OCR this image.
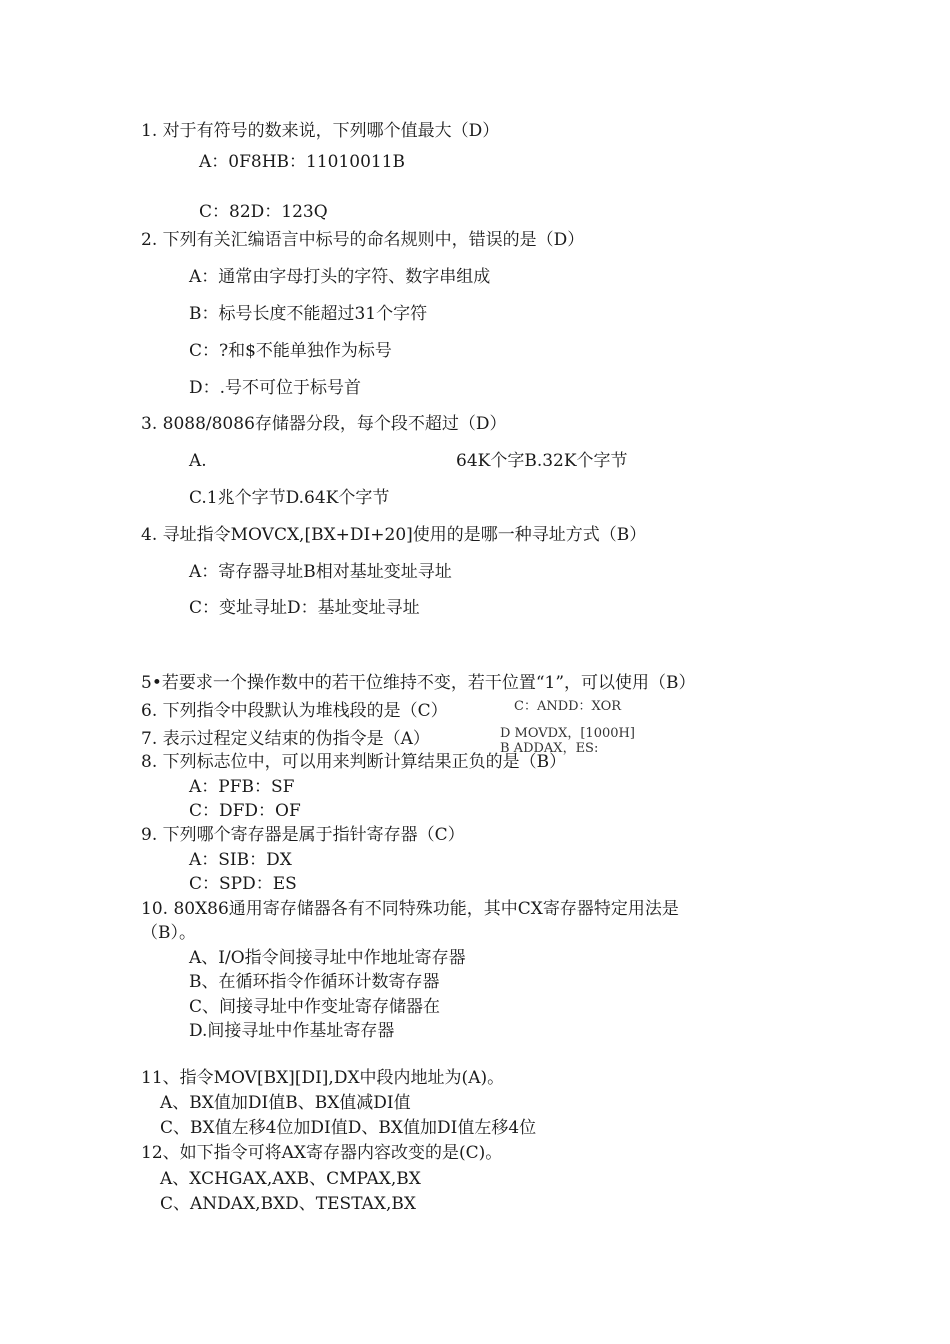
1. 对于有符号的数来说，下列哪个值最大（D）
A：0F8HB：11010011B
C：82D：123Q
2. 下列有关汇编语言中标号的命名规则中，错误的是（D）
A：通常由字母打头的字符、数字串组成
B：标号长度不能超过31个字符
C：?和$不能单独作为标号
D：.号不可位于标号首
3. 8088/8086存储器分段，每个段不超过（D）
A.	64K个字B.32K个字节
C.1兆个字节D.64K个字节
4. 寻址指令MOVCX,[BX+DI+20]使用的是哪一种寻址方式（B）
A：寄存器寻址B相对基址变址寻址
C：变址寻址D：基址变址寻址
5•若要求一个操作数中的若干位维持不变，若干位置“1”，可以使用（B）
C：ANDD：XOR
D MOVDX，[1000H]
B ADDAX，ES:
6. 下列指令中段默认为堆栈段的是（C）
7. 表示过程定义结束的伪指令是（A）
8. 下列标志位中，可以用来判断计算结果正负的是（B）
A：PFB：SF
C：DFD：OF
9. 下列哪个寄存器是属于指针寄存器（C）
A：SIB：DX
C：SPD：ES
10. 80X86通用寄存储器各有不同特殊功能，其中CX寄存器特定用法是
（B）。
A、I/O指令间接寻址中作地址寄存器
B、在循环指令作循环计数寄存器
C、间接寻址中作变址寄存储器在
D.间接寻址中作基址寄存器
11、指令MOV[BX][DI],DX中段内地址为(A)。
A、BX值加DI值B、BX值减DI值
C、BX值左移4位加DI值D、BX值加DI值左移4位
12、如下指令可将AX寄存器内容改变的是(C)。
A、XCHGAX,AXB、CMPAX,BX
C、ANDAX,BXD、TESTAX,BX
